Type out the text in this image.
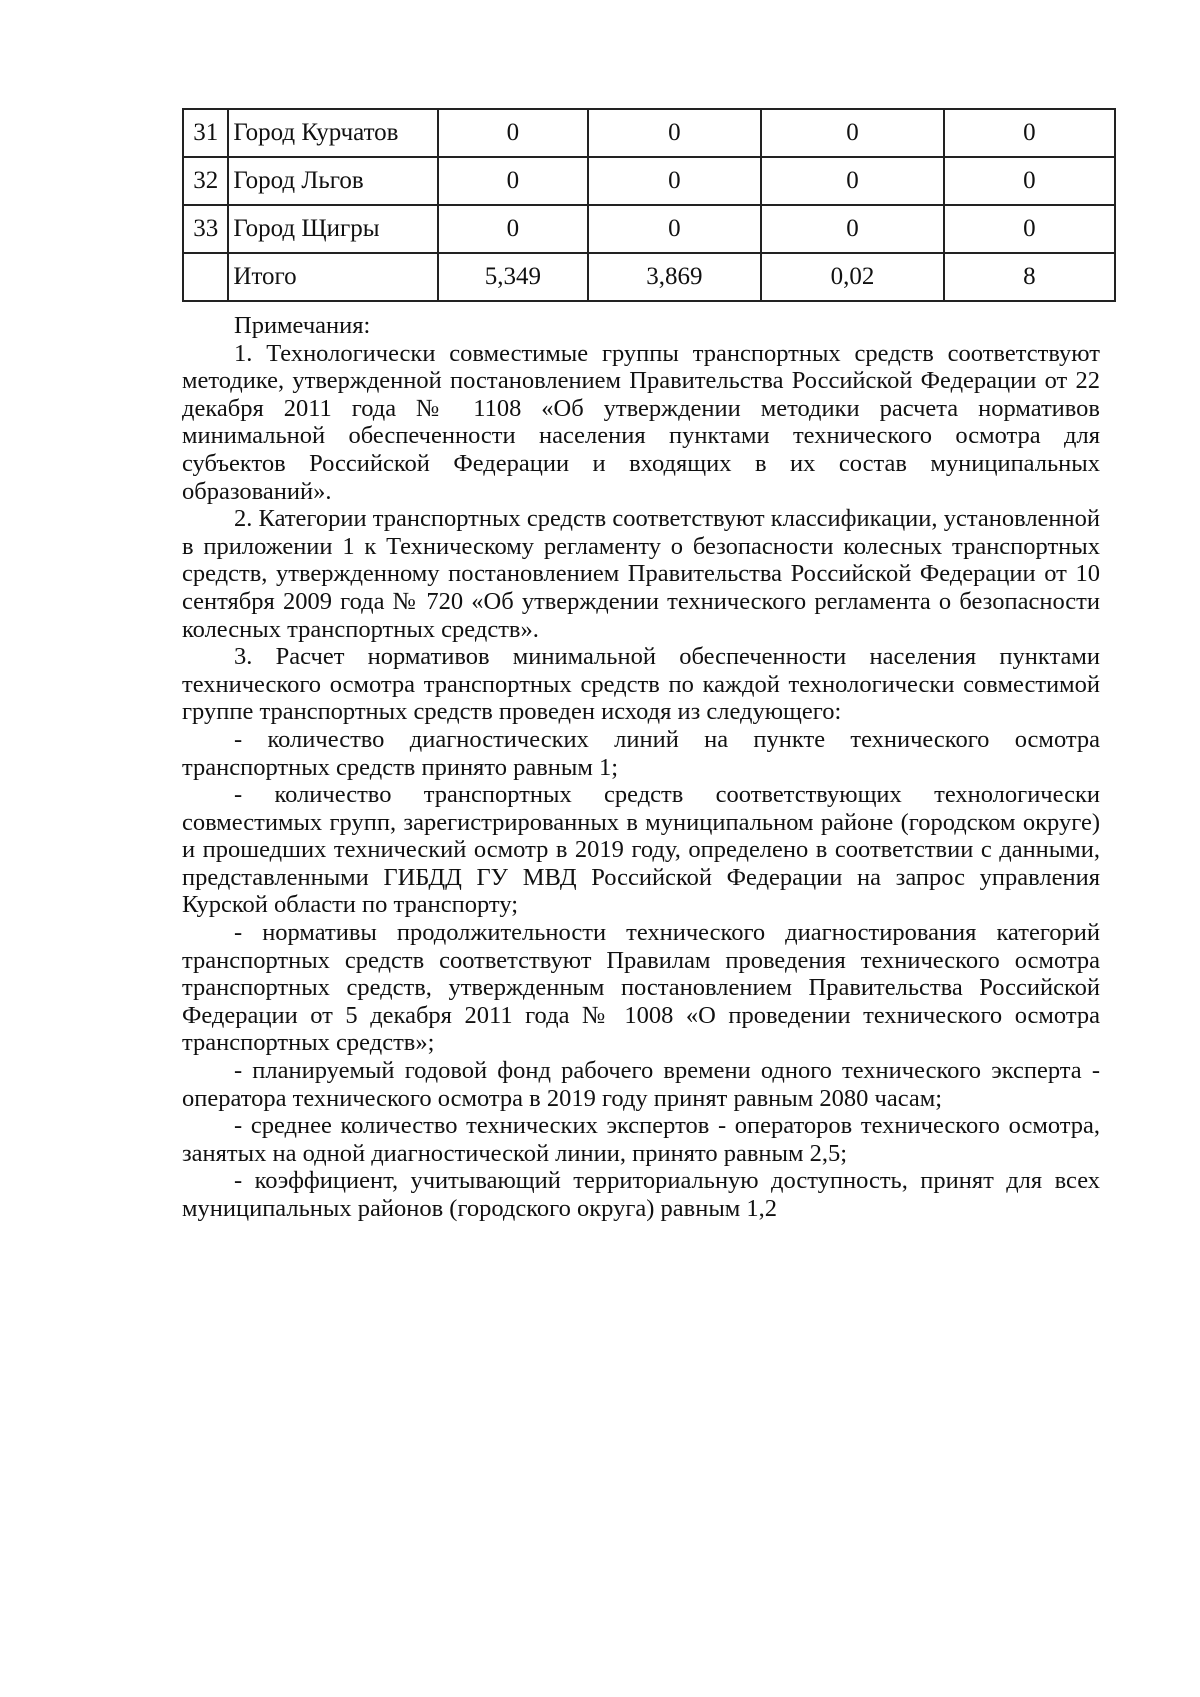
31	Город Курчатов	0	0	0	0
32	Город Льгов	0	0	0	0
33	Город Щигры	0	0	0	0
	Итого	5,349	3,869	0,02	8

Примечания:

1. Технологически совместимые группы транспортных средств соответствуют методике, утвержденной постановлением Правительства Российской Федерации от 22 декабря 2011 года № 1108 «Об утверждении методики расчета нормативов минимальной обеспеченности населения пунктами технического осмотра для субъектов Российской Федерации и входящих в их состав муниципальных образований».

2. Категории транспортных средств соответствуют классификации, установленной в приложении 1 к Техническому регламенту о безопасности колесных транспортных средств, утвержденному постановлением Правительства Российской Федерации от 10 сентября 2009 года № 720 «Об утверждении технического регламента о безопасности колесных транспортных средств».

3. Расчет нормативов минимальной обеспеченности населения пунктами технического осмотра транспортных средств по каждой технологически совместимой группе транспортных средств проведен исходя из следующего:

- количество диагностических линий на пункте технического осмотра транспортных средств принято равным 1;

- количество транспортных средств соответствующих технологически совместимых групп, зарегистрированных в муниципальном районе (городском округе) и прошедших технический осмотр в 2019 году, определено в соответствии с данными, представленными ГИБДД ГУ МВД Российской Федерации на запрос управления Курской области по транспорту;

- нормативы продолжительности технического диагностирования категорий транспортных средств соответствуют Правилам проведения технического осмотра транспортных средств, утвержденным постановлением Правительства Российской Федерации от 5 декабря 2011 года № 1008 «О проведении технического осмотра транспортных средств»;

- планируемый годовой фонд рабочего времени одного технического эксперта - оператора технического осмотра в 2019 году принят равным 2080 часам;

- среднее количество технических экспертов - операторов технического осмотра, занятых на одной диагностической линии, принято равным 2,5;

- коэффициент, учитывающий территориальную доступность, принят для всех муниципальных районов (городского округа) равным 1,2
